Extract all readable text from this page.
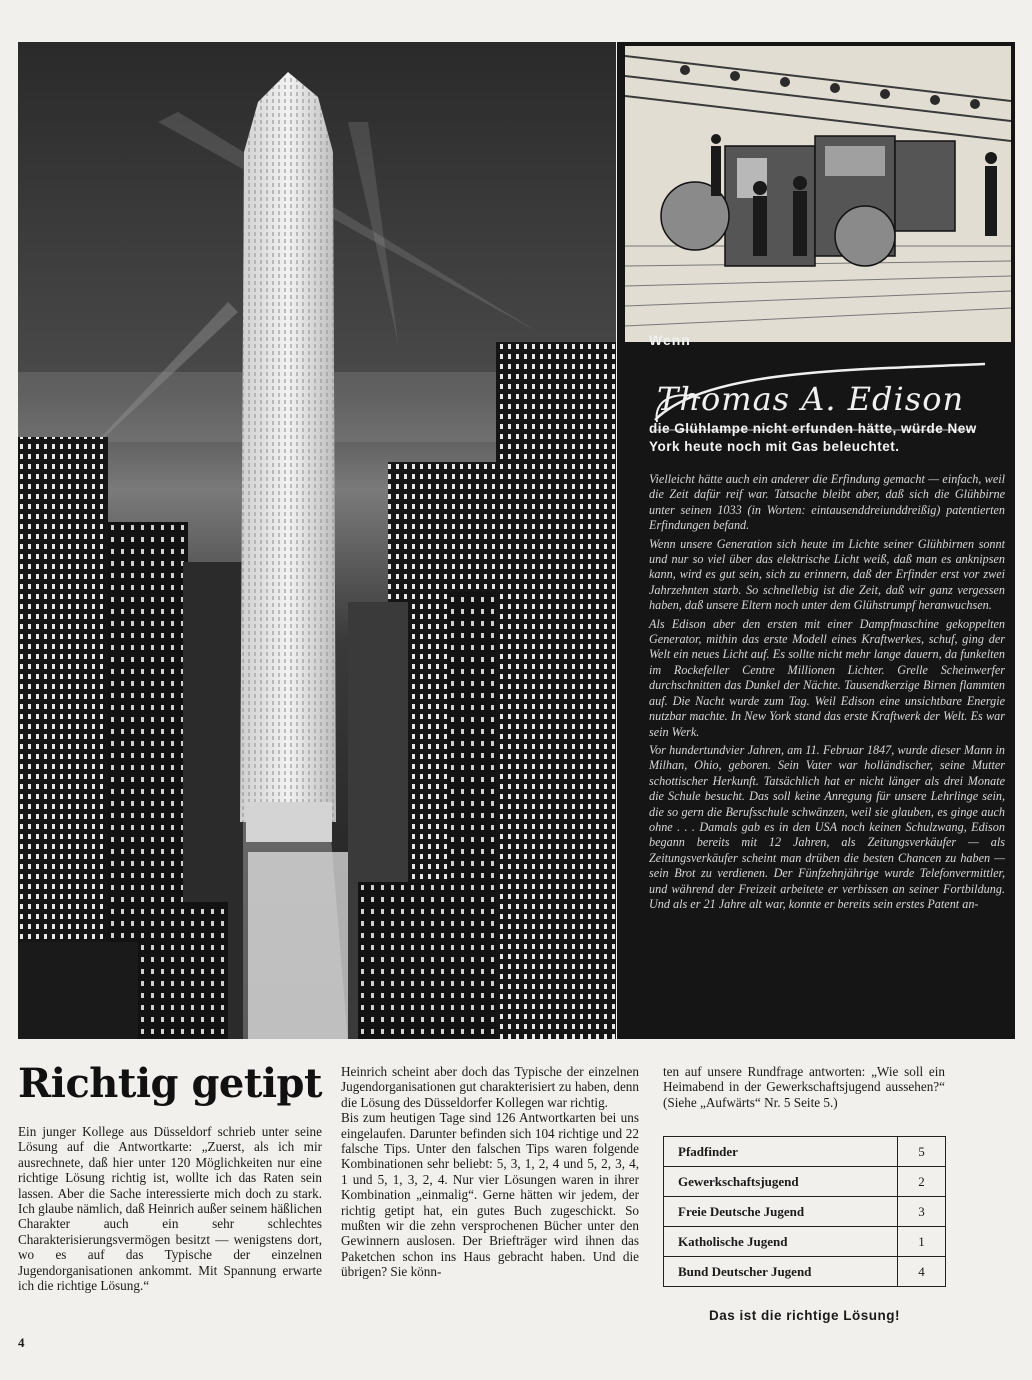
Wenn
Thomas A. Edison
die Glühlampe nicht erfunden hätte, würde New York heute noch mit Gas beleuchtet.

Vielleicht hätte auch ein anderer die Erfindung gemacht — einfach, weil die Zeit dafür reif war. Tatsache bleibt aber, daß sich die Glühbirne unter seinen 1033 (in Worten: eintausenddreiunddreißig) patentierten Erfindungen befand.

Wenn unsere Generation sich heute im Lichte seiner Glühbirnen sonnt und nur so viel über das elektrische Licht weiß, daß man es anknipsen kann, wird es gut sein, sich zu erinnern, daß der Erfinder erst vor zwei Jahrzehnten starb. So schnellebig ist die Zeit, daß wir ganz vergessen haben, daß unsere Eltern noch unter dem Glühstrumpf heranwuchsen.

Als Edison aber den ersten mit einer Dampfmaschine gekoppelten Generator, mithin das erste Modell eines Kraftwerkes, schuf, ging der Welt ein neues Licht auf. Es sollte nicht mehr lange dauern, da funkelten im Rockefeller Centre Millionen Lichter. Grelle Scheinwerfer durchschnitten das Dunkel der Nächte. Tausendkerzige Birnen flammten auf. Die Nacht wurde zum Tag. Weil Edison eine unsichtbare Energie nutzbar machte. In New York stand das erste Kraftwerk der Welt. Es war sein Werk.

Vor hundertundvier Jahren, am 11. Februar 1847, wurde dieser Mann in Milhan, Ohio, geboren. Sein Vater war holländischer, seine Mutter schottischer Herkunft. Tatsächlich hat er nicht länger als drei Monate die Schule besucht. Das soll keine Anregung für unsere Lehrlinge sein, die so gern die Berufsschule schwänzen, weil sie glauben, es ginge auch ohne . . . Damals gab es in den USA noch keinen Schulzwang, Edison begann bereits mit 12 Jahren, als Zeitungsverkäufer — als Zeitungsverkäufer scheint man drüben die besten Chancen zu haben — sein Brot zu verdienen. Der Fünfzehnjährige wurde Telefonvermittler, und während der Freizeit arbeitete er verbissen an seiner Fortbildung. Und als er 21 Jahre alt war, konnte er bereits sein erstes Patent an-

Richtig getipt

Ein junger Kollege aus Düsseldorf schrieb unter seine Lösung auf die Antwortkarte: „Zuerst, als ich mir ausrechnete, daß hier unter 120 Möglichkeiten nur eine richtige Lösung richtig ist, wollte ich das Raten sein lassen. Aber die Sache interessierte mich doch zu stark. Ich glaube nämlich, daß Heinrich außer seinem häßlichen Charakter auch ein sehr schlechtes Charakterisierungsvermögen besitzt — wenigstens dort, wo es auf das Typische der einzelnen Jugendorganisationen ankommt. Mit Spannung erwarte ich die richtige Lösung.“

Heinrich scheint aber doch das Typische der einzelnen Jugendorganisationen gut charakterisiert zu haben, denn die Lösung des Düsseldorfer Kollegen war richtig.

Bis zum heutigen Tage sind 126 Antwortkarten bei uns eingelaufen. Darunter befinden sich 104 richtige und 22 falsche Tips. Unter den falschen Tips waren folgende Kombinationen sehr beliebt: 5, 3, 1, 2, 4 und 5, 2, 3, 4, 1 und 5, 1, 3, 2, 4. Nur vier Lösungen waren in ihrer Kombination „einmalig“. Gerne hätten wir jedem, der richtig getipt hat, ein gutes Buch zugeschickt. So mußten wir die zehn versprochenen Bücher unter den Gewinnern auslosen. Der Briefträger wird ihnen das Paketchen schon ins Haus gebracht haben. Und die übrigen? Sie könn-

ten auf unsere Rundfrage antworten: „Wie soll ein Heimabend in der Gewerkschaftsjugend aussehen?“ (Siehe „Aufwärts“ Nr. 5 Seite 5.)

Pfadfinder	5
Gewerkschaftsjugend	2
Freie Deutsche Jugend	3
Katholische Jugend	1
Bund Deutscher Jugend	4
Das ist die richtige Lösung!
4
